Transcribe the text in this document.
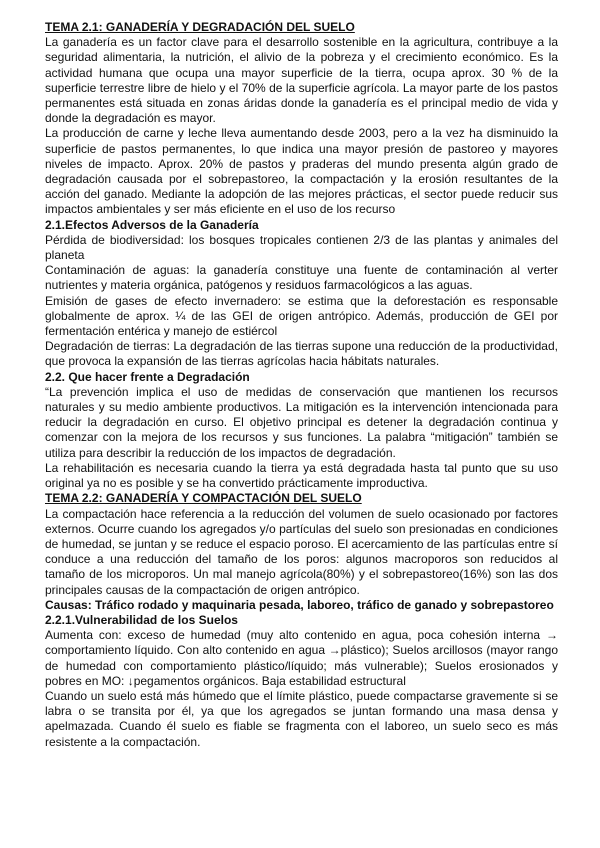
TEMA 2.1: GANADERÍA Y DEGRADACIÓN DEL SUELO

La ganadería es un factor clave para el desarrollo sostenible en la agricultura, contribuye a la seguridad alimentaria, la nutrición, el alivio de la pobreza y el crecimiento económico. Es la actividad humana que ocupa una mayor superficie de la tierra, ocupa aprox. 30 % de la superficie terrestre libre de hielo y el 70% de la superficie agrícola. La mayor parte de los pastos permanentes está situada en zonas áridas donde la ganadería es el principal medio de vida y donde la degradación es mayor.

La producción de carne y leche lleva aumentando desde 2003, pero a la vez ha disminuido la superficie de pastos permanentes, lo que indica una mayor presión de pastoreo y mayores niveles de impacto. Aprox. 20% de pastos y praderas del mundo presenta algún grado de degradación causada por el sobrepastoreo, la compactación y la erosión resultantes de la acción del ganado. Mediante la adopción de las mejores prácticas, el sector puede reducir sus impactos ambientales y ser más eficiente en el uso de los recurso

2.1.Efectos Adversos de la Ganadería

Pérdida de biodiversidad: los bosques tropicales contienen 2/3 de las plantas y animales del planeta

Contaminación de aguas: la ganadería constituye una fuente de contaminación al verter nutrientes y materia orgánica, patógenos y residuos farmacológicos a las aguas.

Emisión de gases de efecto invernadero: se estima que la deforestación es responsable globalmente de aprox. ¼ de las GEI de origen antrópico. Además, producción de GEI por fermentación entérica y manejo de estiércol

Degradación de tierras: La degradación de las tierras supone una reducción de la productividad, que provoca la expansión de las tierras agrícolas hacia hábitats naturales.

2.2. Que hacer frente a Degradación

“La prevención implica el uso de medidas de conservación que mantienen los recursos naturales y su medio ambiente productivos. La mitigación es la intervención intencionada para reducir la degradación en curso. El objetivo principal es detener la degradación continua y comenzar con la mejora de los recursos y sus funciones. La palabra “mitigación” también se utiliza para describir la reducción de los impactos de degradación.

La rehabilitación es necesaria cuando la tierra ya está degradada hasta tal punto que su uso original ya no es posible y se ha convertido prácticamente improductiva.

TEMA 2.2: GANADERÍA Y COMPACTACIÓN DEL SUELO

La compactación hace referencia a la reducción del volumen de suelo ocasionado por factores externos. Ocurre cuando los agregados y/o partículas del suelo son presionadas en condiciones de humedad, se juntan y se reduce el espacio poroso. El acercamiento de las partículas entre sí conduce a una reducción del tamaño de los poros: algunos macroporos son reducidos al tamaño de los microporos. Un mal manejo agrícola(80%) y el sobrepastoreo(16%) son las dos principales causas de la compactación de origen antrópico.

Causas: Tráfico rodado y maquinaria pesada, laboreo, tráfico de ganado y sobrepastoreo

2.2.1.Vulnerabilidad de los Suelos

Aumenta con: exceso de humedad (muy alto contenido en agua, poca cohesión interna → comportamiento líquido. Con alto contenido en agua →plástico); Suelos arcillosos (mayor rango de humedad con comportamiento plástico/líquido; más vulnerable); Suelos erosionados y pobres en MO: ↓pegamentos orgánicos. Baja estabilidad estructural

Cuando un suelo está más húmedo que el límite plástico, puede compactarse gravemente si se labra o se transita por él, ya que los agregados se juntan formando una masa densa y apelmazada. Cuando él suelo es fiable se fragmenta con el laboreo, un suelo seco es más resistente a la compactación.
